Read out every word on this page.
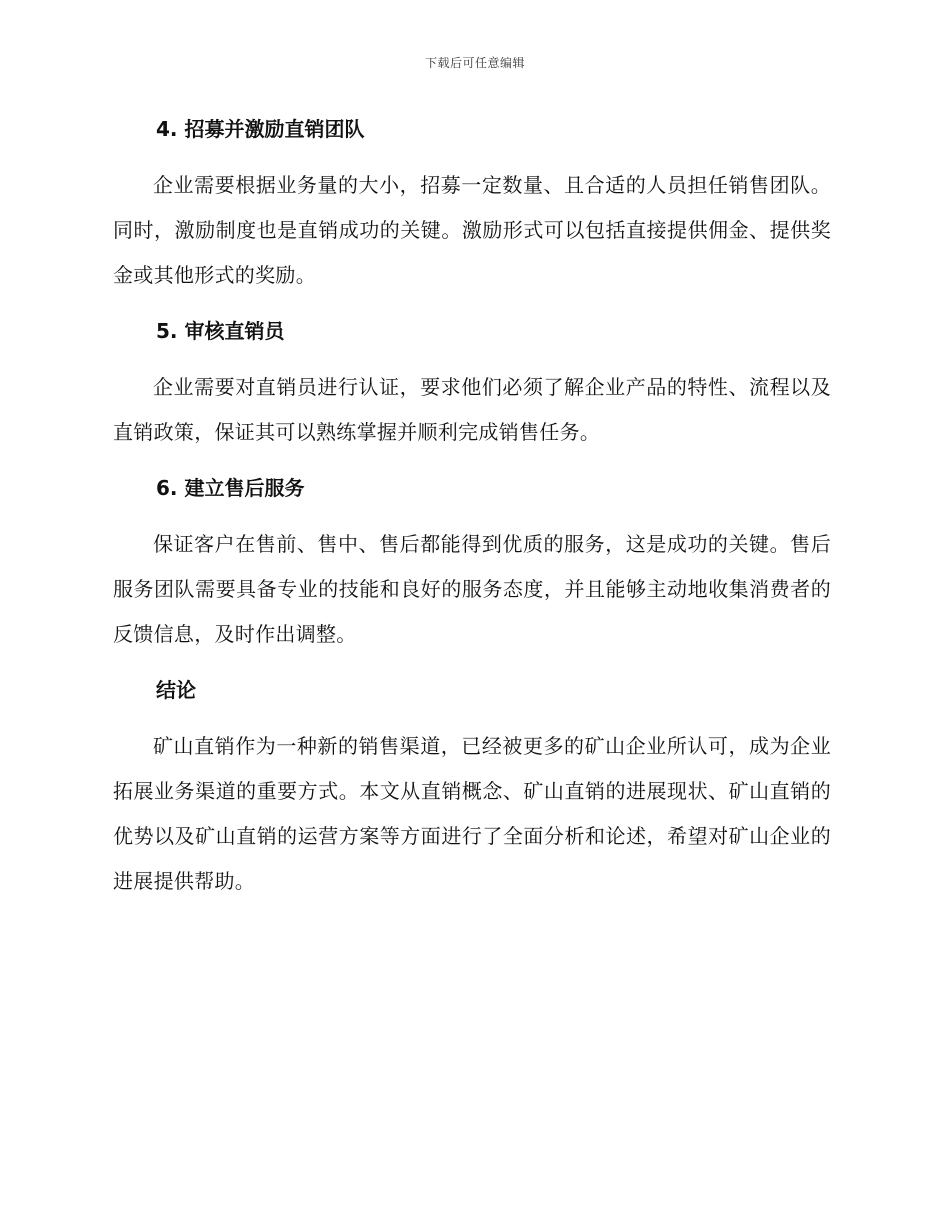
下载后可任意编辑
4. 招募并激励直销团队

企业需要根据业务量的大小，招募一定数量、且合适的人员担任销售团队。同时，激励制度也是直销成功的关键。激励形式可以包括直接提供佣金、提供奖金或其他形式的奖励。

5. 审核直销员

企业需要对直销员进行认证，要求他们必须了解企业产品的特性、流程以及直销政策，保证其可以熟练掌握并顺利完成销售任务。

6. 建立售后服务

保证客户在售前、售中、售后都能得到优质的服务，这是成功的关键。售后服务团队需要具备专业的技能和良好的服务态度，并且能够主动地收集消费者的反馈信息，及时作出调整。

结论

矿山直销作为一种新的销售渠道，已经被更多的矿山企业所认可，成为企业拓展业务渠道的重要方式。本文从直销概念、矿山直销的进展现状、矿山直销的优势以及矿山直销的运营方案等方面进行了全面分析和论述，希望对矿山企业的进展提供帮助。
